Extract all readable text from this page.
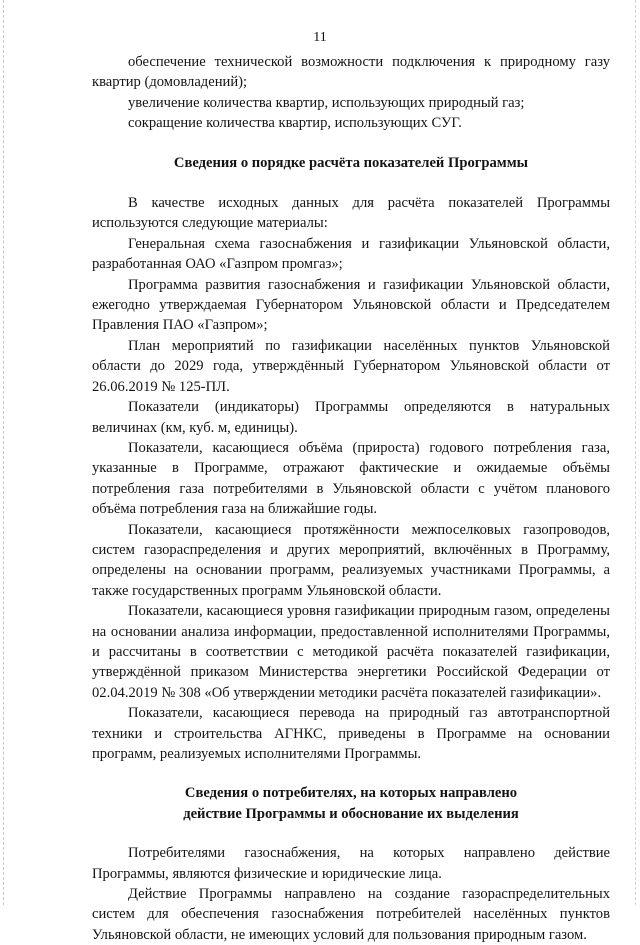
11

обеспечение технической возможности подключения к природному газу квартир (домовладений);

увеличение количества квартир, использующих природный газ;

сокращение количества квартир, использующих СУГ.

Сведения о порядке расчёта показателей Программы

В качестве исходных данных для расчёта показателей Программы используются следующие материалы:

Генеральная схема газоснабжения и газификации Ульяновской области, разработанная ОАО «Газпром промгаз»;

Программа развития газоснабжения и газификации Ульяновской области, ежегодно утверждаемая Губернатором Ульяновской области и Председателем Правления ПАО «Газпром»;

План мероприятий по газификации населённых пунктов Ульяновской области до 2029 года, утверждённый Губернатором Ульяновской области от 26.06.2019 № 125-ПЛ.

Показатели (индикаторы) Программы определяются в натуральных величинах (км, куб. м, единицы).

Показатели, касающиеся объёма (прироста) годового потребления газа, указанные в Программе, отражают фактические и ожидаемые объёмы потребления газа потребителями в Ульяновской области с учётом планового объёма потребления газа на ближайшие годы.

Показатели, касающиеся протяжённости межпоселковых газопроводов, систем газораспределения и других мероприятий, включённых в Программу, определены на основании программ, реализуемых участниками Программы, а также государственных программ Ульяновской области.

Показатели, касающиеся уровня газификации природным газом, определены на основании анализа информации, предоставленной исполнителями Программы, и рассчитаны в соответствии с методикой расчёта показателей газификации, утверждённой приказом Министерства энергетики Российской Федерации от 02.04.2019 № 308 «Об утверждении методики расчёта показателей газификации».

Показатели, касающиеся перевода на природный газ автотранспортной техники и строительства АГНКС, приведены в Программе на основании программ, реализуемых исполнителями Программы.

Сведения о потребителях, на которых направлено
действие Программы и обоснование их выделения

Потребителями газоснабжения, на которых направлено действие Программы, являются физические и юридические лица.

Действие Программы направлено на создание газораспределительных систем для обеспечения газоснабжения потребителей населённых пунктов Ульяновской области, не имеющих условий для пользования природным газом.
